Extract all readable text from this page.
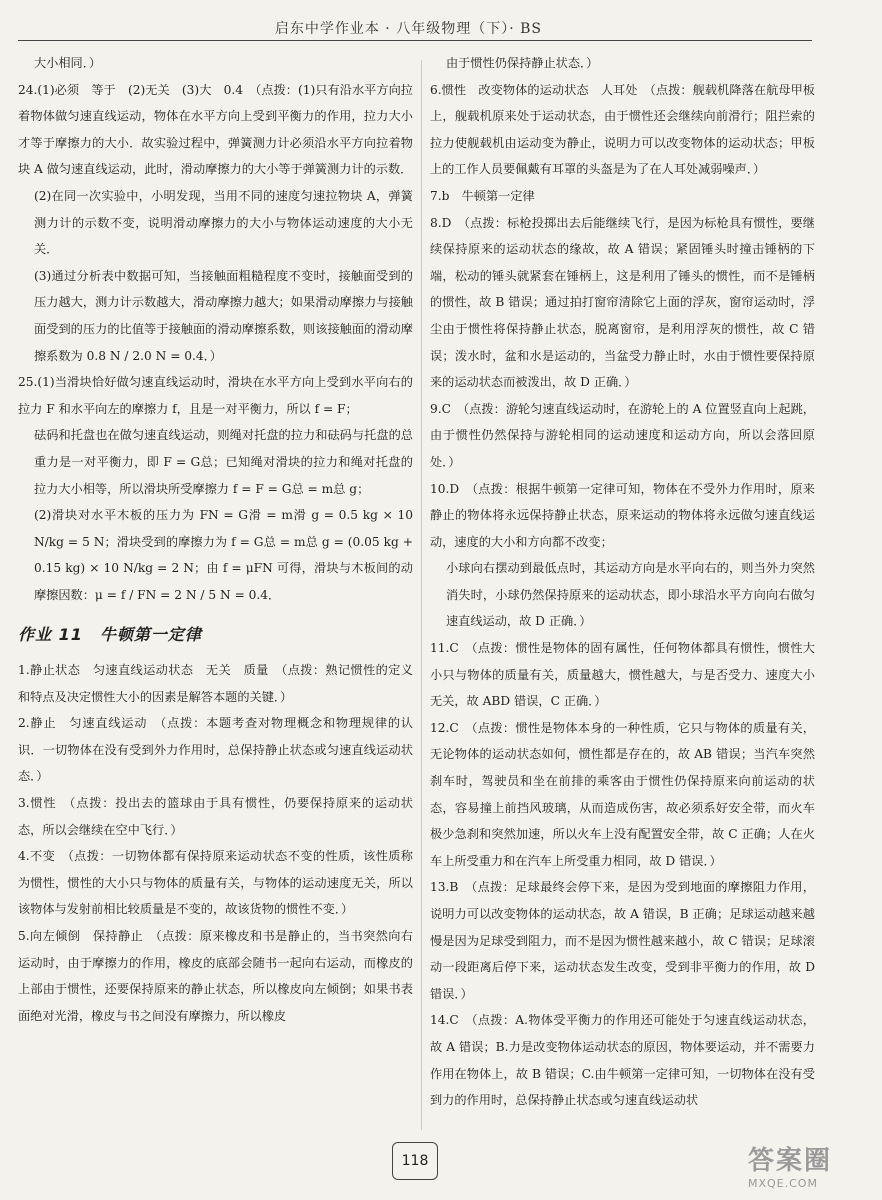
启东中学作业本 · 八年级物理（下）· BS

大小相同．）

24.(1)必须　等于　(2)无关　(3)大　0.4　（点拨：(1)只有沿水平方向拉着物体做匀速直线运动，物体在水平方向上受到平衡力的作用，拉力大小才等于摩擦力的大小．故实验过程中，弹簧测力计必须沿水平方向拉着物块 A 做匀速直线运动，此时，滑动摩擦力的大小等于弹簧测力计的示数．

(2)在同一次实验中，小明发现，当用不同的速度匀速拉物块 A，弹簧测力计的示数不变，说明滑动摩擦力的大小与物体运动速度的大小无关．

(3)通过分析表中数据可知，当接触面粗糙程度不变时，接触面受到的压力越大，测力计示数越大，滑动摩擦力越大；如果滑动摩擦力与接触面受到的压力的比值等于接触面的滑动摩擦系数，则该接触面的滑动摩擦系数为 0.8 N / 2.0 N = 0.4．）

25.(1)当滑块恰好做匀速直线运动时，滑块在水平方向上受到水平向右的拉力 F 和水平向左的摩擦力 f，且是一对平衡力，所以 f = F；

砝码和托盘也在做匀速直线运动，则绳对托盘的拉力和砝码与托盘的总重力是一对平衡力，即 F = G总；已知绳对滑块的拉力和绳对托盘的拉力大小相等，所以滑块所受摩擦力 f = F = G总 = m总 g；

(2)滑块对水平木板的压力为 FN = G滑 = m滑 g = 0.5 kg × 10 N/kg = 5 N；滑块受到的摩擦力为 f = G总 = m总 g = (0.05 kg + 0.15 kg) × 10 N/kg = 2 N；由 f = μFN 可得，滑块与木板间的动摩擦因数：μ = f / FN = 2 N / 5 N = 0.4．

作业 11　牛顿第一定律

1.静止状态　匀速直线运动状态　无关　质量　（点拨：熟记惯性的定义和特点及决定惯性大小的因素是解答本题的关键．）

2.静止　匀速直线运动　（点拨：本题考查对物理概念和物理规律的认识．一切物体在没有受到外力作用时，总保持静止状态或匀速直线运动状态．）

3.惯性　（点拨：投出去的篮球由于具有惯性，仍要保持原来的运动状态，所以会继续在空中飞行．）

4.不变　（点拨：一切物体都有保持原来运动状态不变的性质，该性质称为惯性，惯性的大小只与物体的质量有关，与物体的运动速度无关，所以该物体与发射前相比较质量是不变的，故该货物的惯性不变．）

5.向左倾倒　保持静止　（点拨：原来橡皮和书是静止的，当书突然向右运动时，由于摩擦力的作用，橡皮的底部会随书一起向右运动，而橡皮的上部由于惯性，还要保持原来的静止状态，所以橡皮向左倾倒；如果书表面绝对光滑，橡皮与书之间没有摩擦力，所以橡皮

由于惯性仍保持静止状态．）

6.惯性　改变物体的运动状态　人耳处　（点拨：舰载机降落在航母甲板上，舰载机原来处于运动状态，由于惯性还会继续向前滑行；阻拦索的拉力使舰载机由运动变为静止，说明力可以改变物体的运动状态；甲板上的工作人员要佩戴有耳罩的头盔是为了在人耳处减弱噪声．）

7.b　牛顿第一定律

8.D　（点拨：标枪投掷出去后能继续飞行，是因为标枪具有惯性，要继续保持原来的运动状态的缘故，故 A 错误；紧固锤头时撞击锤柄的下端，松动的锤头就紧套在锤柄上，这是利用了锤头的惯性，而不是锤柄的惯性，故 B 错误；通过拍打窗帘清除它上面的浮灰，窗帘运动时，浮尘由于惯性将保持静止状态，脱离窗帘，是利用浮灰的惯性，故 C 错误；泼水时，盆和水是运动的，当盆受力静止时，水由于惯性要保持原来的运动状态而被泼出，故 D 正确．）

9.C　（点拨：游轮匀速直线运动时，在游轮上的 A 位置竖直向上起跳，由于惯性仍然保持与游轮相同的运动速度和运动方向，所以会落回原处．）

10.D　（点拨：根据牛顿第一定律可知，物体在不受外力作用时，原来静止的物体将永远保持静止状态，原来运动的物体将永远做匀速直线运动，速度的大小和方向都不改变；

小球向右摆动到最低点时，其运动方向是水平向右的，则当外力突然消失时，小球仍然保持原来的运动状态，即小球沿水平方向向右做匀速直线运动，故 D 正确．）

11.C　（点拨：惯性是物体的固有属性，任何物体都具有惯性，惯性大小只与物体的质量有关，质量越大，惯性越大，与是否受力、速度大小无关，故 ABD 错误，C 正确．）

12.C　（点拨：惯性是物体本身的一种性质，它只与物体的质量有关，无论物体的运动状态如何，惯性都是存在的，故 AB 错误；当汽车突然刹车时，驾驶员和坐在前排的乘客由于惯性仍保持原来向前运动的状态，容易撞上前挡风玻璃，从而造成伤害，故必须系好安全带，而火车极少急刹和突然加速，所以火车上没有配置安全带，故 C 正确；人在火车上所受重力和在汽车上所受重力相同，故 D 错误．）

13.B　（点拨：足球最终会停下来，是因为受到地面的摩擦阻力作用，说明力可以改变物体的运动状态，故 A 错误，B 正确；足球运动越来越慢是因为足球受到阻力，而不是因为惯性越来越小，故 C 错误；足球滚动一段距离后停下来，运动状态发生改变，受到非平衡力的作用，故 D 错误．）

14.C　（点拨：A.物体受平衡力的作用还可能处于匀速直线运动状态，故 A 错误；B.力是改变物体运动状态的原因，物体要运动，并不需要力作用在物体上，故 B 错误；C.由牛顿第一定律可知，一切物体在没有受到力的作用时，总保持静止状态或匀速直线运动状

118	答案圈
MXQE.COM
